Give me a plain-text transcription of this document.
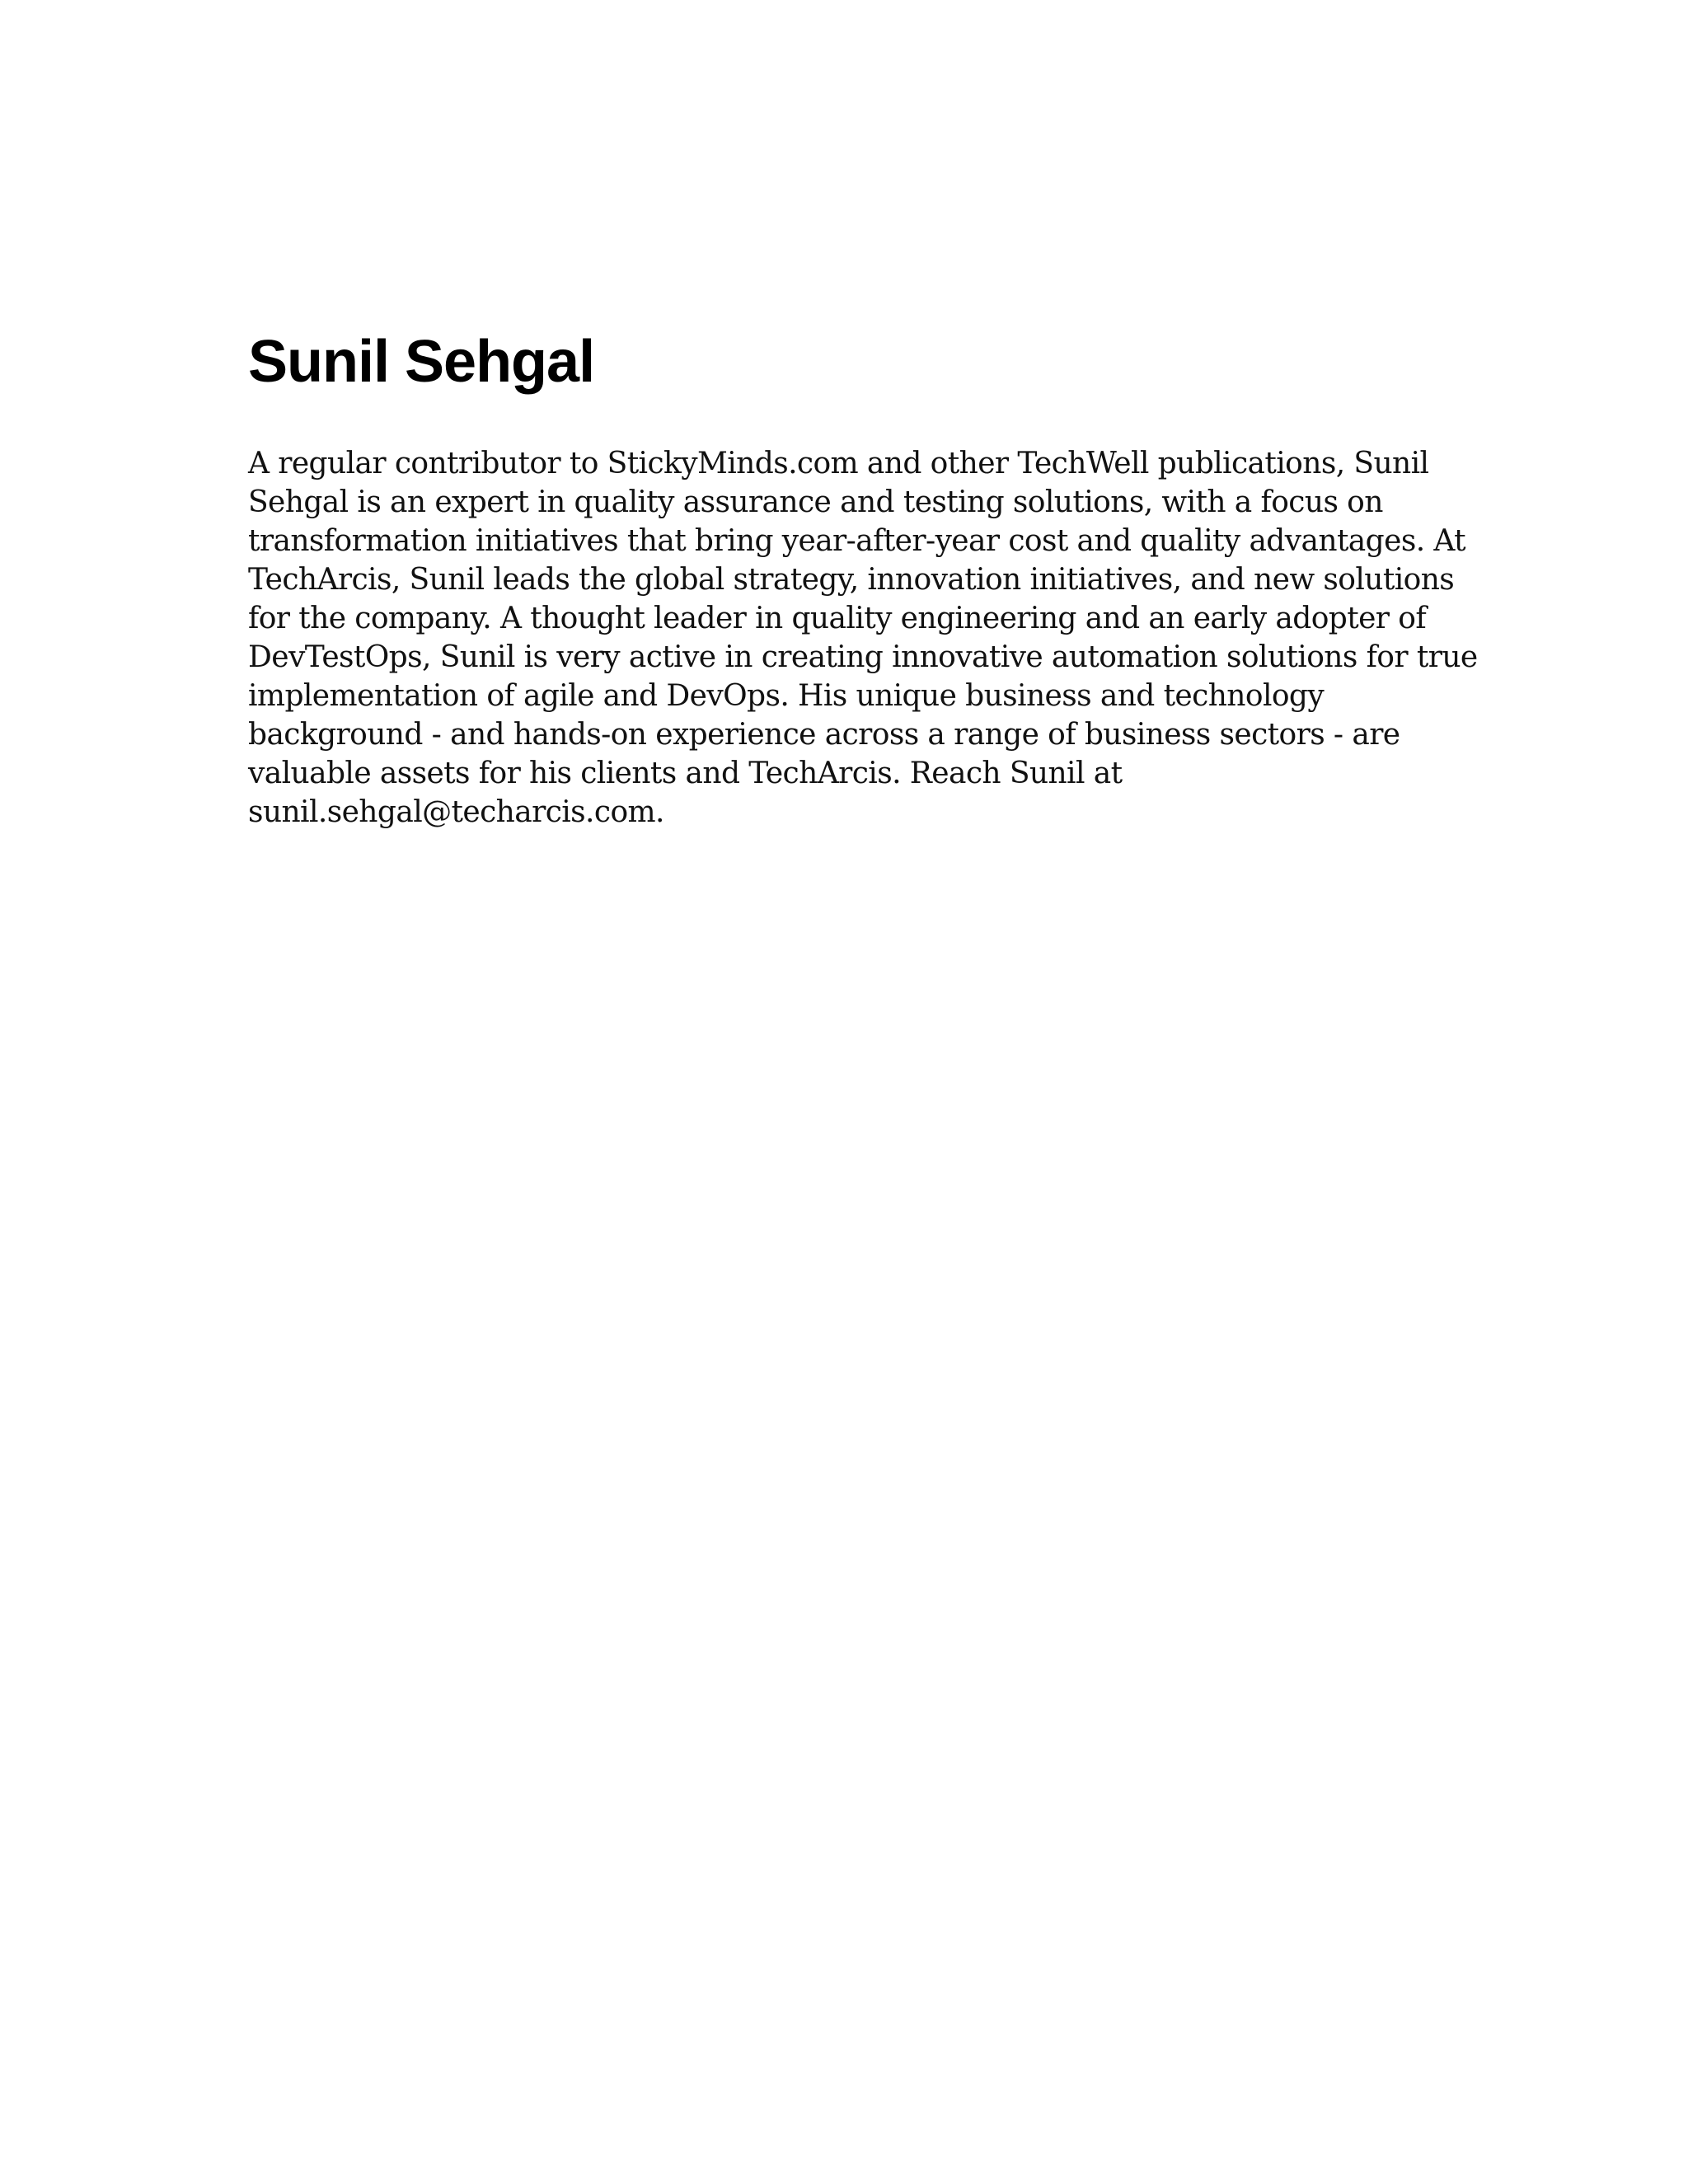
Sunil Sehgal

A regular contributor to StickyMinds.com and other TechWell publications, Sunil
Sehgal is an expert in quality assurance and testing solutions, with a focus on
transformation initiatives that bring year-after-year cost and quality advantages. At
TechArcis, Sunil leads the global strategy, innovation initiatives, and new solutions
for the company. A thought leader in quality engineering and an early adopter of
DevTestOps, Sunil is very active in creating innovative automation solutions for true
implementation of agile and DevOps. His unique business and technology
background - and hands-on experience across a range of business sectors - are
valuable assets for his clients and TechArcis. Reach Sunil at
sunil.sehgal@techarcis.com.
